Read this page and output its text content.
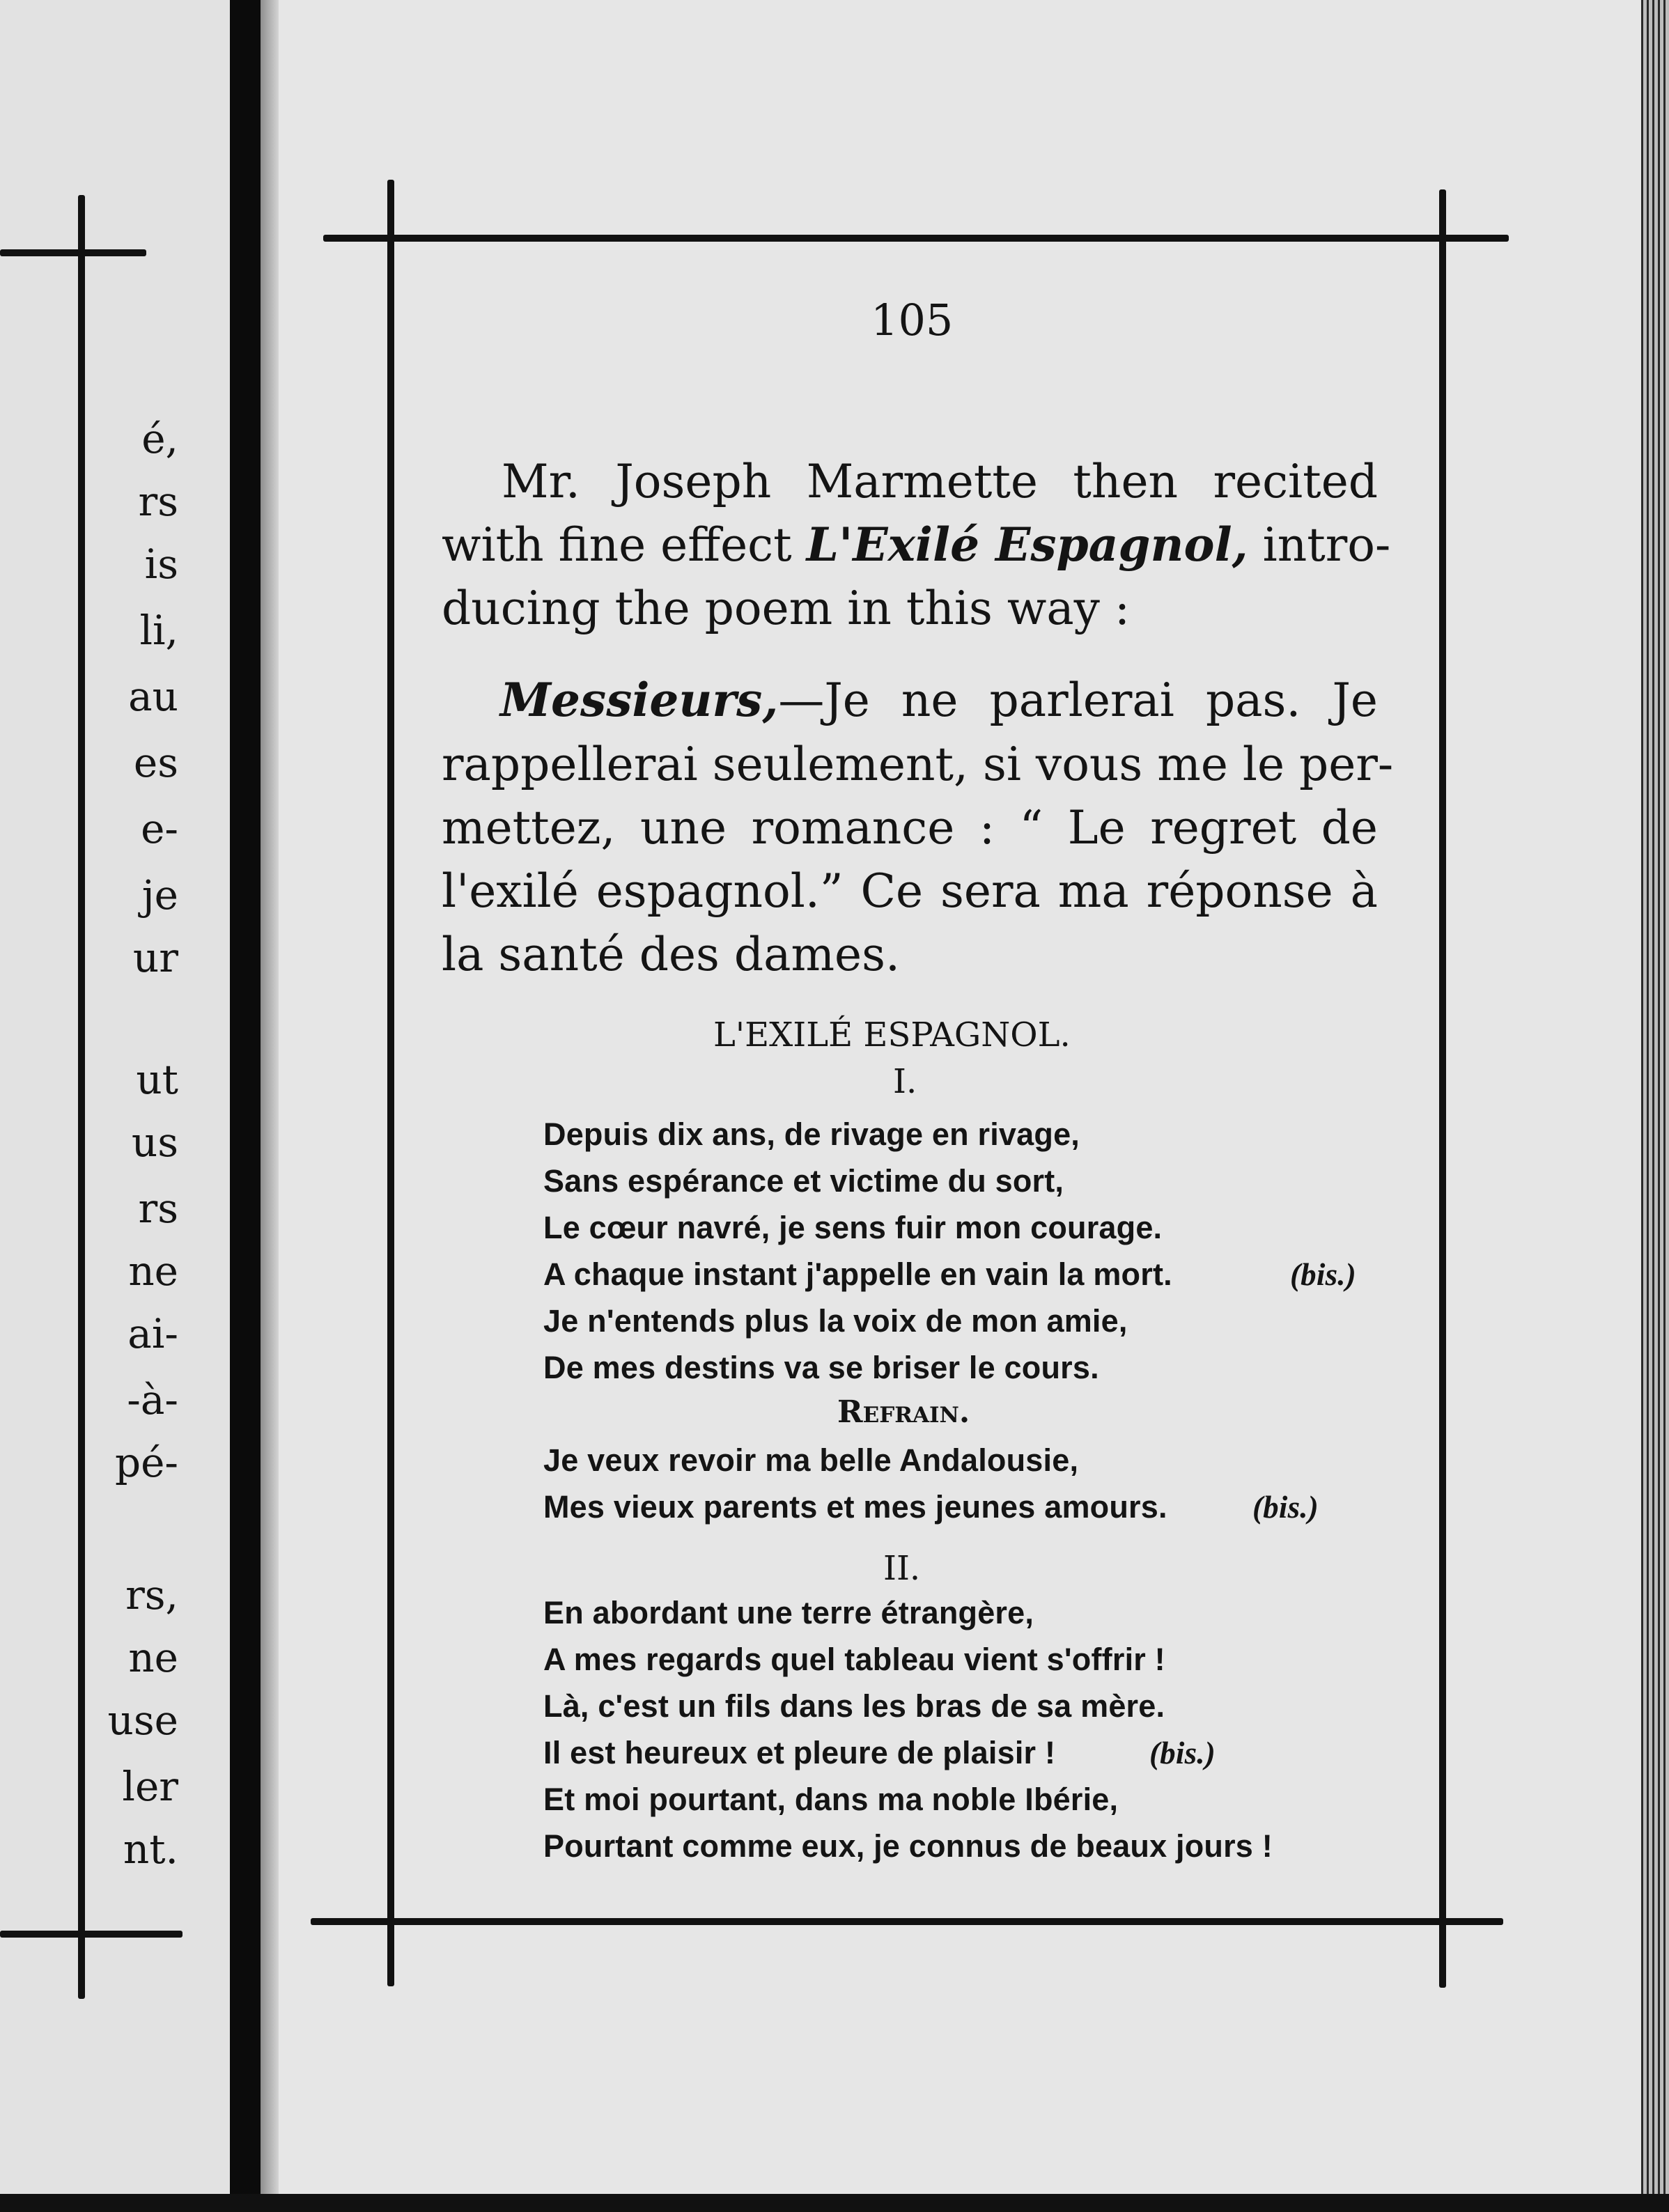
é,
rs
is
li,
au
es
e-
je
ur
ut
us
rs
ne
ai-
-à-
pé-
rs,
ne
use
ler
nt.
105
Mr. Joseph Marmette then recited
with fine effect L'Exilé Espagnol, intro-
ducing the poem in this way :
Messieurs,—Je ne parlerai pas. Je
rappellerai seulement, si vous me le per-
mettez, une romance : “ Le regret de
l'exilé espagnol.” Ce sera ma réponse à
la santé des dames.
L'EXILÉ ESPAGNOL.
I.
Depuis dix ans, de rivage en rivage,
Sans espérance et victime du sort,
Le cœur navré, je sens fuir mon courage.
A chaque instant j'appelle en vain la mort.	(bis.)
Je n'entends plus la voix de mon amie,
De mes destins va se briser le cours.
Refrain.
Je veux revoir ma belle Andalousie,
Mes vieux parents et mes jeunes amours.	(bis.)
II.
En abordant une terre étrangère,
A mes regards quel tableau vient s'offrir !
Là, c'est un fils dans les bras de sa mère.
Il est heureux et pleure de plaisir !	(bis.)
Et moi pourtant, dans ma noble Ibérie,
Pourtant comme eux, je connus de beaux jours !
